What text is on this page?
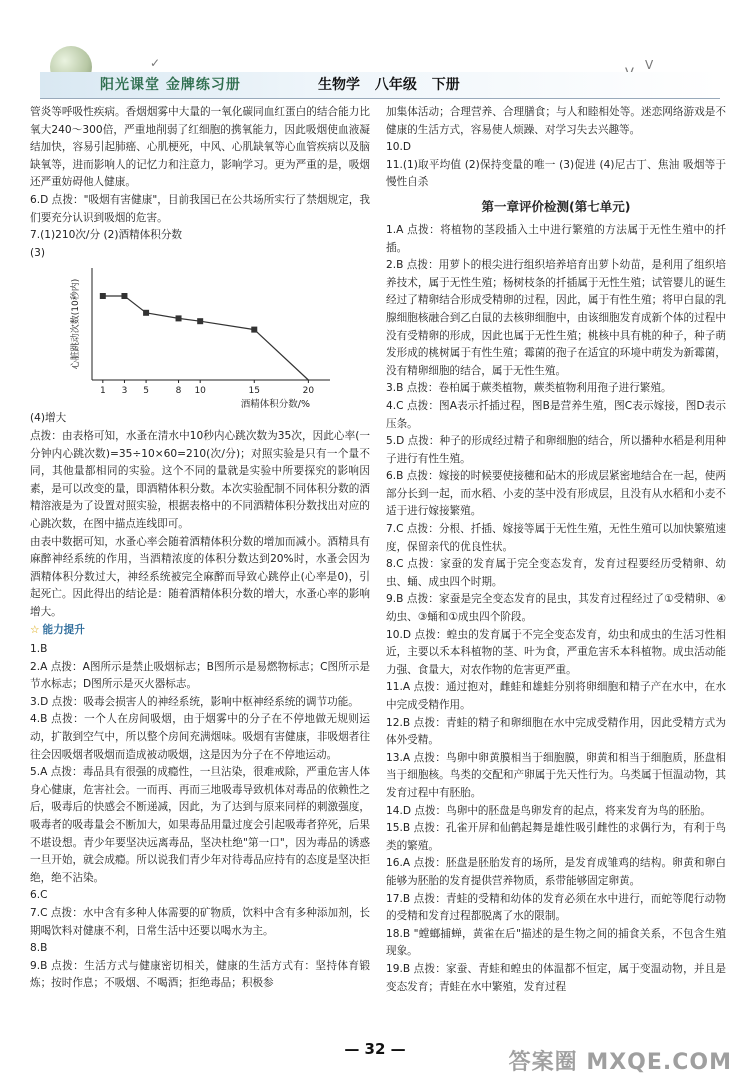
✓	ᐯ
阳光课堂 金牌练习册	生物学 八年级 下册

管炎等呼吸性疾病。香烟烟雾中大量的一氧化碳同血红蛋白的结合能力比氧大240～300倍，严重地削弱了红细胞的携氧能力，因此吸烟使血液凝结加快，容易引起肺癌、心肌梗死，中风、心肌缺氧等心血管疾病以及脑缺氧等，进而影响人的记忆力和注意力，影响学习。更为严重的是，吸烟还严重妨碍他人健康。

6.D 点拨："吸烟有害健康"，目前我国已在公共场所实行了禁烟规定，我们要充分认识到吸烟的危害。

7.(1)210次/分 (2)酒精体积分数

(3)

1 3 5	8 10	15	20
心脏跳动次数(10秒内)
酒精体积分数/%

(4)增大

点拨：由表格可知，水蚤在清水中10秒内心跳次数为35次，因此心率(一分钟内心跳次数)=35÷10×60=210(次/分)；对照实验是只有一个量不同，其他量都相同的实验。这个不同的量就是实验中所要探究的影响因素，是可以改变的量，即酒精体积分数。本次实验配制不同体积分数的酒精溶液是为了设置对照实验，根据表格中的不同酒精体积分数找出对应的心跳次数，在图中描点连线即可。

由表中数据可知，水蚤心率会随着酒精体积分数的增加而减小。酒精具有麻醉神经系统的作用，当酒精浓度的体积分数达到20%时，水蚤会因为酒精体积分数过大，神经系统被完全麻醉而导致心跳停止(心率是0)，引起死亡。因此得出的结论是：随着酒精体积分数的增大，水蚤心率的影响增大。

☆ 能力提升

1.B

2.A 点拨：A图所示是禁止吸烟标志；B图所示是易燃物标志；C图所示是节水标志；D图所示是灭火器标志。

3.D 点拨：吸毒会损害人的神经系统，影响中枢神经系统的调节功能。

4.B 点拨：一个人在房间吸烟，由于烟雾中的分子在不停地做无规则运动，扩散到空气中，所以整个房间充满烟味。吸烟有害健康，非吸烟者往往会因吸烟者吸烟而造成被动吸烟，这是因为分子在不停地运动。

5.A 点拨：毒品具有很强的成瘾性，一旦沾染，很难戒除，严重危害人体身心健康，危害社会。一而再、再而三地吸毒导致机体对毒品的依赖性之后，吸毒后的快感会不断递减，因此，为了达到与原来同样的刺激强度，吸毒者的吸毒量会不断加大，如果毒品用量过度会引起吸毒者猝死，后果不堪设想。青少年要坚决远离毒品，坚决杜绝"第一口"，因为毒品的诱惑一旦开始，就会成瘾。所以说我们青少年对待毒品应持有的态度是坚决拒绝，绝不沾染。

6.C

7.C 点拨：水中含有多种人体需要的矿物质，饮料中含有多种添加剂，长期喝饮料对健康不利，日常生活中还要以喝水为主。

8.B

9.B 点拨：生活方式与健康密切相关，健康的生活方式有：坚持体育锻炼；按时作息；不吸烟、不喝酒；拒绝毒品；积极参

加集体活动；合理营养、合理膳食；与人和睦相处等。迷恋网络游戏是不健康的生活方式，容易使人烦躁、对学习失去兴趣等。

10.D

11.(1)取平均值 (2)保持变量的唯一 (3)促进 (4)尼古丁、焦油 吸烟等于慢性自杀

第一章评价检测(第七单元)

1.A 点拨：将植物的茎段插入土中进行繁殖的方法属于无性生殖中的扦插。

2.B 点拨：用萝卜的根尖进行组织培养培育出萝卜幼苗，是利用了组织培养技术，属于无性生殖；杨树枝条的扦插属于无性生殖；试管婴儿的诞生经过了精卵结合形成受精卵的过程，因此，属于有性生殖；将甲白鼠的乳腺细胞核融合到乙白鼠的去核卵细胞中，由该细胞发育成新个体的过程中没有受精卵的形成，因此也属于无性生殖；桃核中具有桃的种子，种子萌发形成的桃树属于有性生殖；霉菌的孢子在适宜的环境中萌发为新霉菌，没有精卵细胞的结合，属于无性生殖。

3.B 点拨：卷柏属于蕨类植物，蕨类植物利用孢子进行繁殖。

4.C 点拨：图A表示扦插过程，图B是营养生殖，图C表示嫁接，图D表示压条。

5.D 点拨：种子的形成经过精子和卵细胞的结合，所以播种水稻是利用种子进行有性生殖。

6.B 点拨：嫁接的时候要使接穗和砧木的形成层紧密地结合在一起，使两部分长到一起，而水稻、小麦的茎中没有形成层，且没有从水稻和小麦不适于进行嫁接繁殖。

7.C 点拨：分根、扦插、嫁接等属于无性生殖，无性生殖可以加快繁殖速度，保留亲代的优良性状。

8.C 点拨：家蚕的发育属于完全变态发育，发育过程要经历受精卵、幼虫、蛹、成虫四个时期。

9.B 点拨：家蚕是完全变态发育的昆虫，其发育过程经过了①受精卵、④幼虫、③蛹和①成虫四个阶段。

10.D 点拨：蝗虫的发育属于不完全变态发育，幼虫和成虫的生活习性相近，主要以禾本科植物的茎、叶为食，严重危害禾本科植物。成虫活动能力强、食量大，对农作物的危害更严重。

11.A 点拨：通过抱对，雌蛙和雄蛙分别将卵细胞和精子产在水中，在水中完成受精作用。

12.B 点拨：青蛙的精子和卵细胞在水中完成受精作用，因此受精方式为体外受精。

13.A 点拨：鸟卵中卵黄膜相当于细胞膜，卵黄和相当于细胞质，胚盘相当于细胞核。鸟类的交配和产卵属于先天性行为。乌类属于恒温动物，其发育过程中有胚胎。

14.D 点拨：鸟卵中的胚盘是鸟卵发育的起点，将来发育为鸟的胚胎。

15.B 点拨：孔雀开屏和仙鹤起舞是雄性吸引雌性的求偶行为，有利于鸟类的繁殖。

16.A 点拨：胚盘是胚胎发育的场所，是发育成雏鸡的结构。卵黄和卵白能够为胚胎的发育提供营养物质，系带能够固定卵黄。

17.B 点拨：青蛙的受精和幼体的发育必须在水中进行，而蛇等爬行动物的受精和发育过程都脱离了水的限制。

18.B "螳螂捕蝉，黄雀在后"描述的是生物之间的捕食关系，不包含生殖现象。

19.B 点拨：家蚕、青蛙和蝗虫的体温都不恒定，属于变温动物，并且是变态发育；青蛙在水中繁殖，发育过程

— 32 —
答案圈 MXQE.COM
